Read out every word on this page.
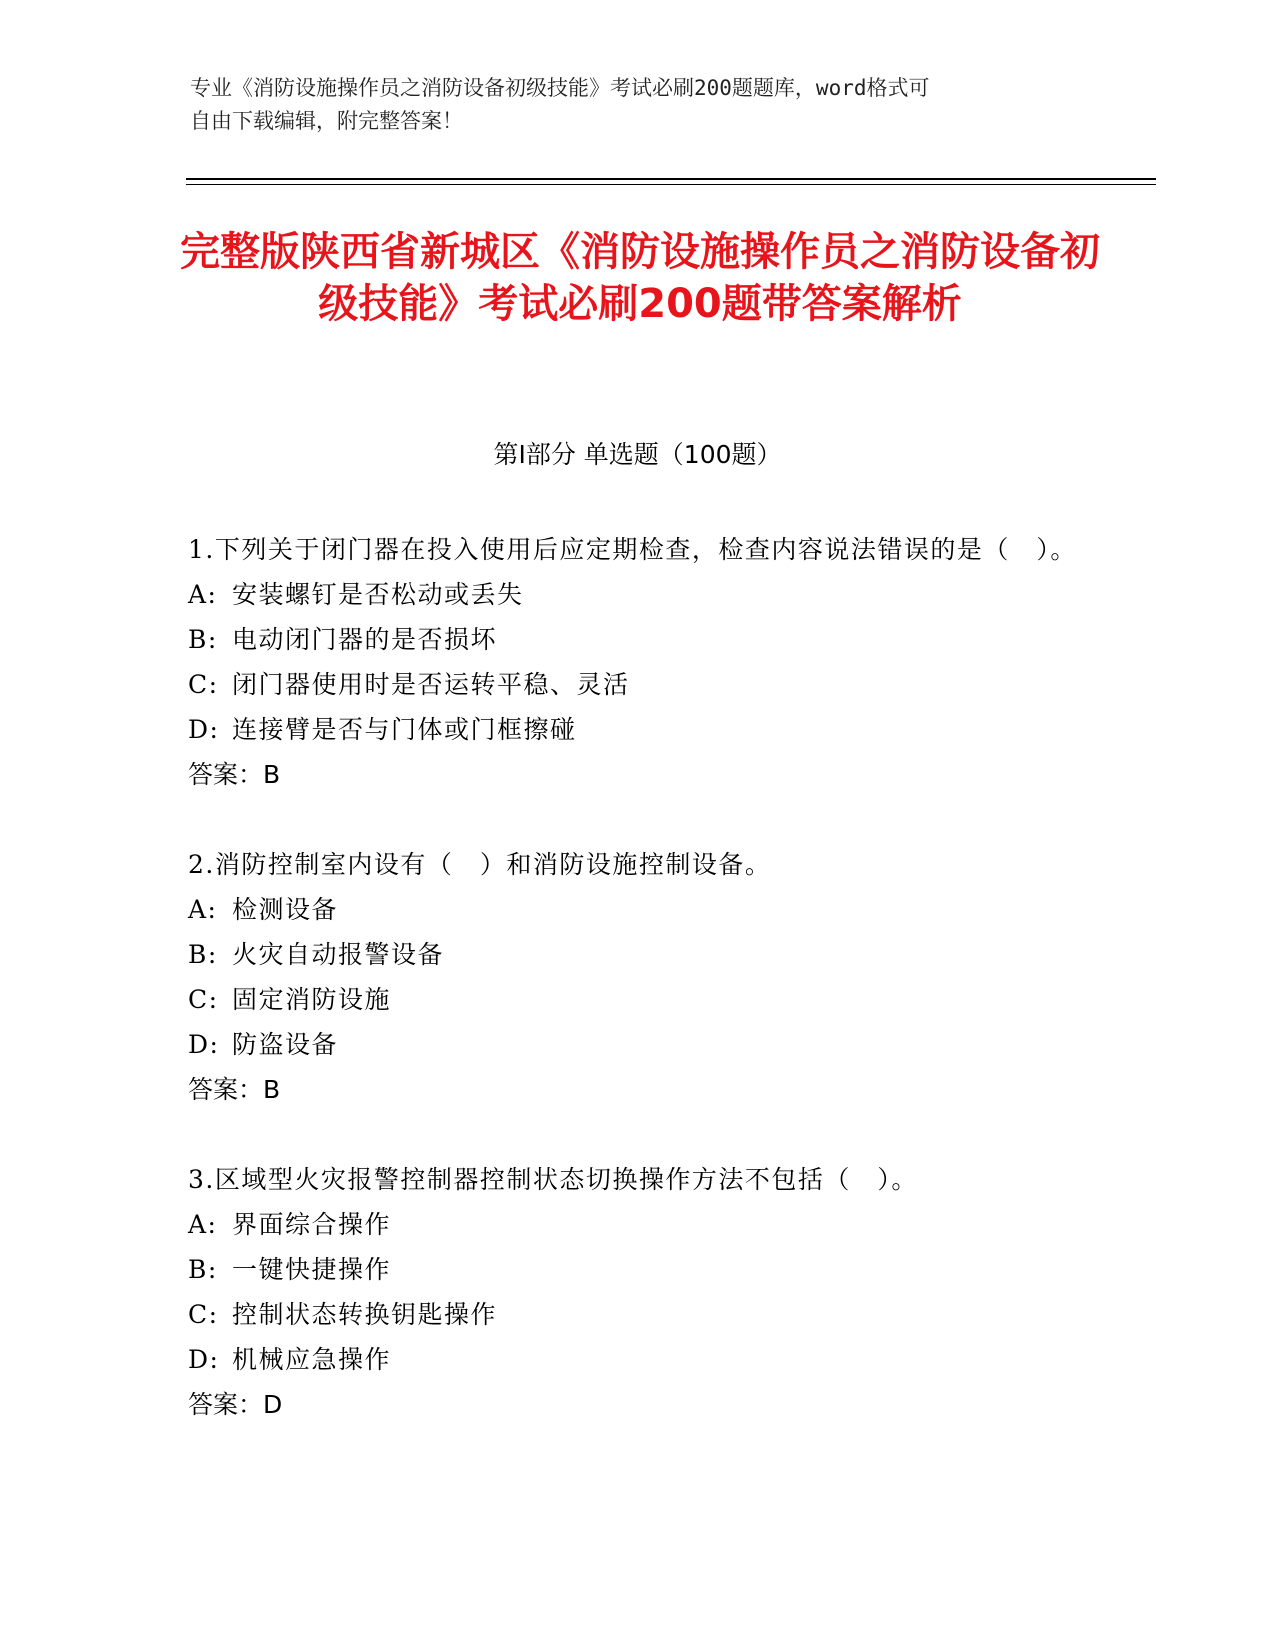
专业《消防设施操作员之消防设备初级技能》考试必刷200题题库，word格式可
自由下载编辑，附完整答案！
完整版陕西省新城区《消防设施操作员之消防设备初级技能》考试必刷200题带答案解析
第Ⅰ部分 单选题（100题）
1.下列关于闭门器在投入使用后应定期检查，检查内容说法错误的是（　）。
A: 安装螺钉是否松动或丢失
B: 电动闭门器的是否损坏
C: 闭门器使用时是否运转平稳、灵活
D: 连接臂是否与门体或门框擦碰
答案：B
2.消防控制室内设有（　）和消防设施控制设备。
A: 检测设备
B: 火灾自动报警设备
C: 固定消防设施
D: 防盗设备
答案：B
3.区域型火灾报警控制器控制状态切换操作方法不包括（　）。
A: 界面综合操作
B: 一键快捷操作
C: 控制状态转换钥匙操作
D: 机械应急操作
答案：D
